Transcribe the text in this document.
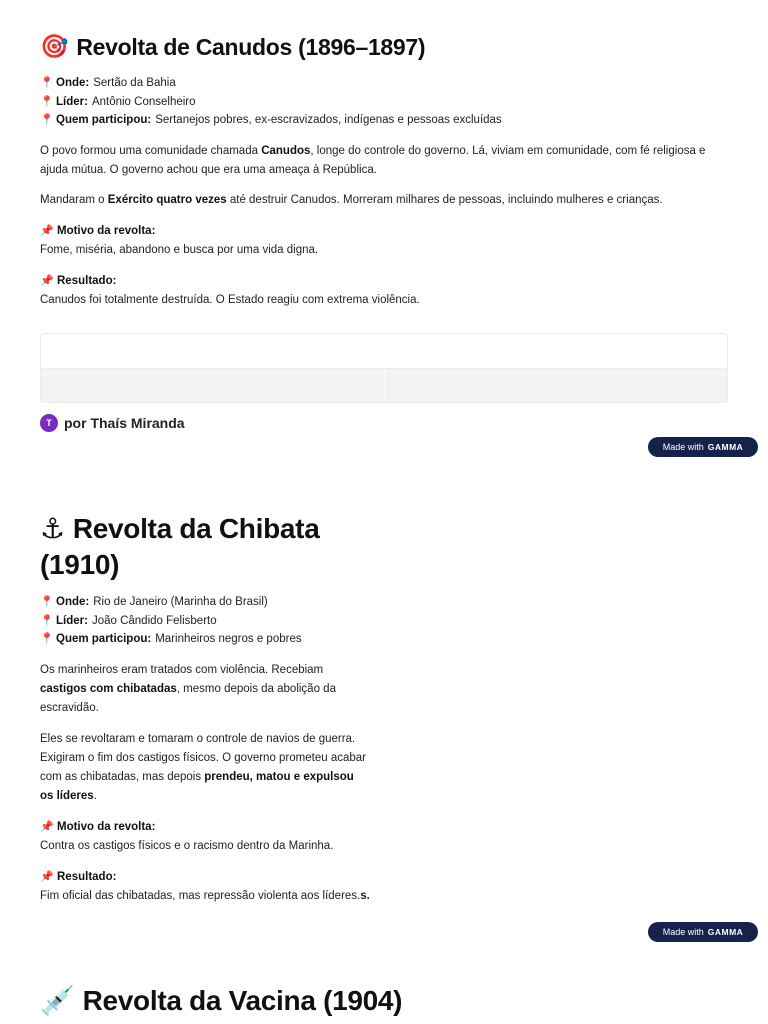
🎯 Revolta de Canudos (1896–1897)
📍 Onde: Sertão da Bahia
📍 Líder: Antônio Conselheiro
📍 Quem participou: Sertanejos pobres, ex-escravizados, indígenas e pessoas excluídas

O povo formou uma comunidade chamada Canudos, longe do controle do governo. Lá, viviam em comunidade, com fé religiosa e ajuda mútua. O governo achou que era uma ameaça à República.

Mandaram o Exército quatro vezes até destruir Canudos. Morreram milhares de pessoas, incluindo mulheres e crianças.

📌 Motivo da revolta:
Fome, miséria, abandono e busca por uma vida digna.
📌 Resultado:
Canudos foi totalmente destruída. O Estado reagiu com extrema violência.
T por Thaís Miranda
Made with GAMMA
⚓ Revolta da Chibata
(1910)
📍 Onde: Rio de Janeiro (Marinha do Brasil)
📍 Líder: João Cândido Felisberto
📍 Quem participou: Marinheiros negros e pobres

Os marinheiros eram tratados com violência. Recebiam castigos com chibatadas, mesmo depois da abolição da escravidão.

Eles se revoltaram e tomaram o controle de navios de guerra. Exigiram o fim dos castigos físicos. O governo prometeu acabar com as chibatadas, mas depois prendeu, matou e expulsou os líderes.

📌 Motivo da revolta:
Contra os castigos físicos e o racismo dentro da Marinha.
📌 Resultado:
Fim oficial das chibatadas, mas repressão violenta aos líderes.s.
Made with GAMMA
💉 Revolta da Vacina (1904)
